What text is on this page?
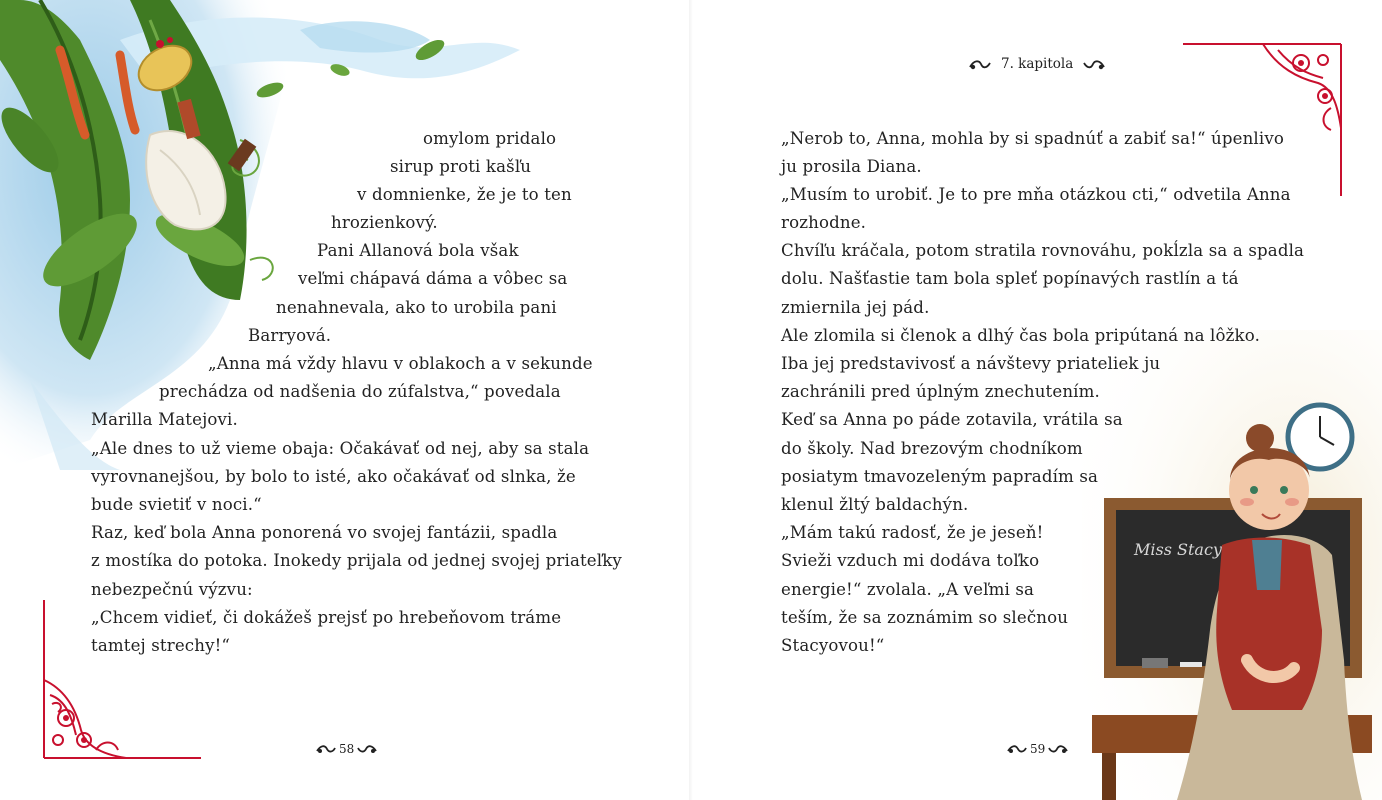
omylom pridalo
sirup proti kašľu
v domnienke, že je to ten
hrozienkový.
Pani Allanová bola však
veľmi chápavá dáma a vôbec sa
nenahnevala, ako to urobila pani
Barryová.
„Anna má vždy hlavu v oblakoch a v sekunde
prechádza od nadšenia do zúfalstva,“ povedala
Marilla Matejovi.
„Ale dnes to už vieme obaja: Očakávať od nej, aby sa stala
vyrovnanejšou, by bolo to isté, ako očakávať od slnka, že
bude svietiť v noci.“
Raz, keď bola Anna ponorená vo svojej fantázii, spadla
z mostíka do potoka. Inokedy prijala od jednej svojej priateľky
nebezpečnú výzvu:
„Chcem vidieť, či dokážeš prejsť po hrebeňovom tráme
tamtej strechy!“
58
7. kapitola
Miss Stacy
„Nerob to, Anna, mohla by si spadnúť a zabiť sa!“ úpenlivo
ju prosila Diana.
„Musím to urobiť. Je to pre mňa otázkou cti,“ odvetila Anna
rozhodne.
Chvíľu kráčala, potom stratila rovnováhu, pokĺzla sa a spadla
dolu. Našťastie tam bola spleť popínavých rastlín a tá
zmiernila jej pád.
Ale zlomila si členok a dlhý čas bola pripútaná na lôžko.
Iba jej predstavivosť a návštevy priateliek ju
zachránili pred úplným znechutením.
Keď sa Anna po páde zotavila, vrátila sa
do školy. Nad brezovým chodníkom
posiatym tmavozeleným papradím sa
klenul žltý baldachýn.
„Mám takú radosť, že je jeseň!
Svieži vzduch mi dodáva toľko
energie!“ zvolala. „A veľmi sa
teším, že sa zoznámim so slečnou
Stacyovou!“
59
